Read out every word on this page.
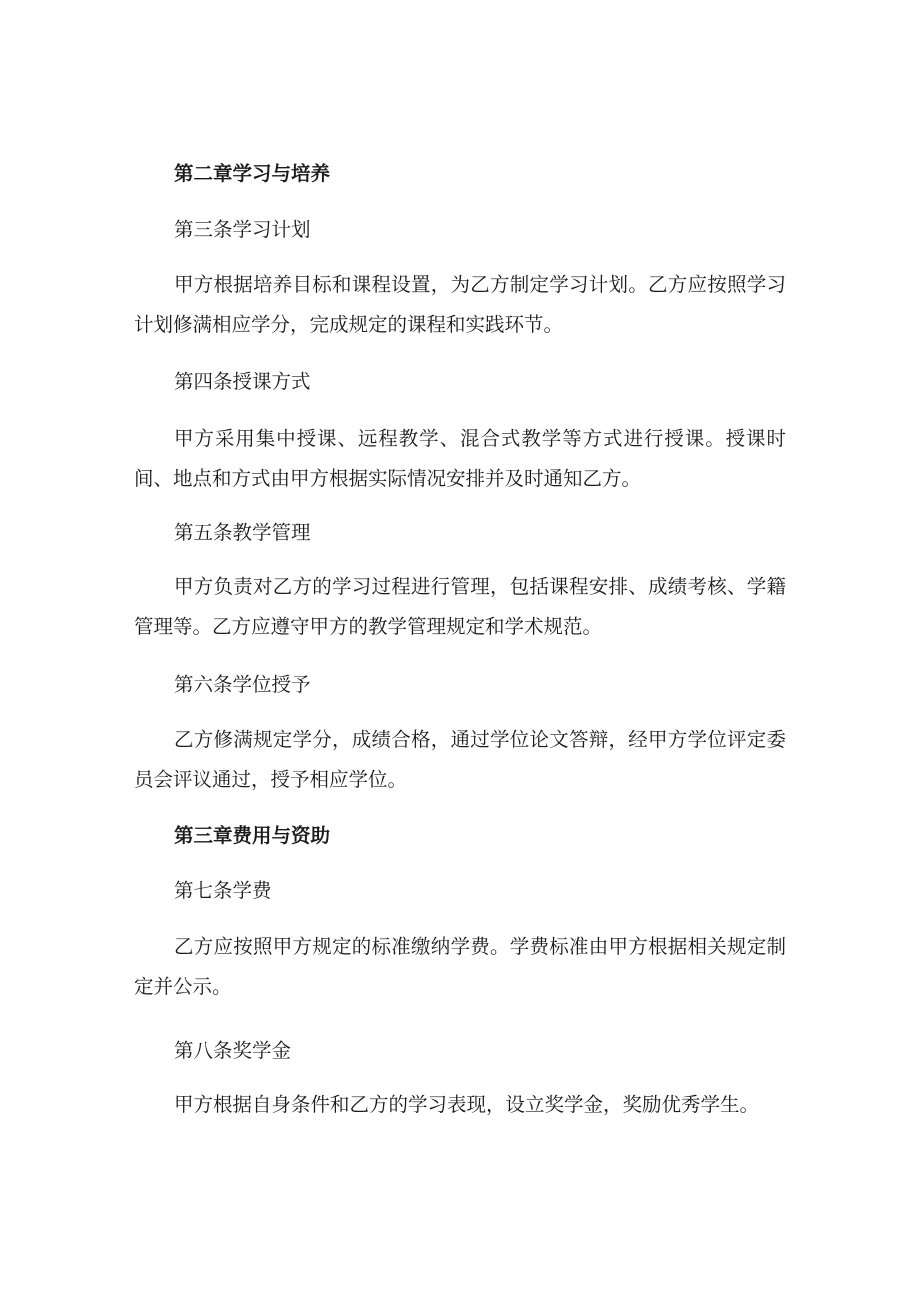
第二章学习与培养
第三条学习计划
甲方根据培养目标和课程设置，为乙方制定学习计划。乙方应按照学习计划修满相应学分，完成规定的课程和实践环节。
第四条授课方式
甲方采用集中授课、远程教学、混合式教学等方式进行授课。授课时间、地点和方式由甲方根据实际情况安排并及时通知乙方。
第五条教学管理
甲方负责对乙方的学习过程进行管理，包括课程安排、成绩考核、学籍管理等。乙方应遵守甲方的教学管理规定和学术规范。
第六条学位授予
乙方修满规定学分，成绩合格，通过学位论文答辩，经甲方学位评定委员会评议通过，授予相应学位。
第三章费用与资助
第七条学费
乙方应按照甲方规定的标准缴纳学费。学费标准由甲方根据相关规定制定并公示。
第八条奖学金
甲方根据自身条件和乙方的学习表现，设立奖学金，奖励优秀学生。
